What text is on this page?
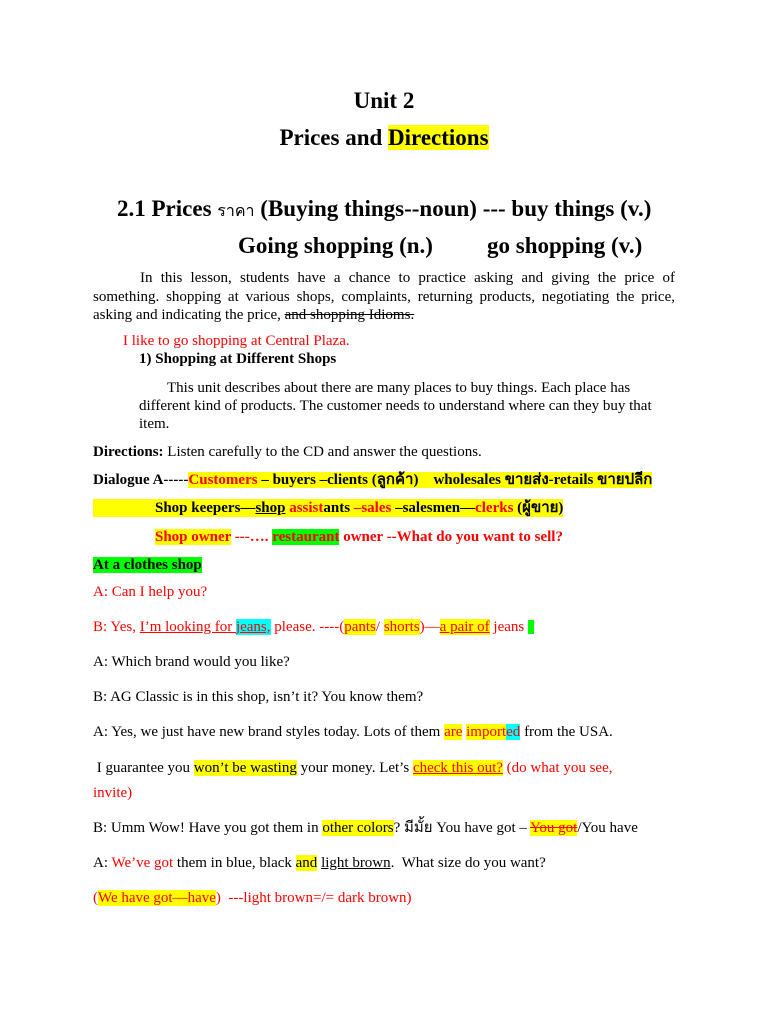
Unit 2
Prices and Directions
2.1 Prices ราคา (Buying things--noun) --- buy things (v.)
Going shopping (n.) go shopping (v.)
In this lesson, students have a chance to practice asking and giving the price of
something. shopping at various shops, complaints, returning products, negotiating the price,
asking and indicating the price, and shopping Idioms.
I like to go shopping at Central Plaza.
1) Shopping at Different Shops
This unit describes about there are many places to buy things. Each place has
different kind of products. The customer needs to understand where can they buy that
item.
Directions: Listen carefully to the CD and answer the questions.
Dialogue A-----Customers – buyers –clients (ลูกค้า)    wholesales ขายส่ง-retails ขายปลีก
Shop keepers—shop assistants –sales –salesmen—clerks (ผู้ขาย)
Shop owner ---…. restaurant owner --What do you want to sell?
At a clothes shop
A: Can I help you?
B: Yes, I’m looking for jeans, please. ----(pants/ shorts)—a pair of jeans
A: Which brand would you like?
B: AG Classic is in this shop, isn’t it? You know them?
A: Yes, we just have new brand styles today. Lots of them are imported from the USA.
I guarantee you won’t be wasting your money. Let’s check this out? (do what you see,
invite)
B: Umm Wow! Have you got them in other colors? มีมั้ย You have got – You got/You have
A: We’ve got them in blue, black and light brown.  What size do you want?
(We have got—have)  ---light brown=/= dark brown)
